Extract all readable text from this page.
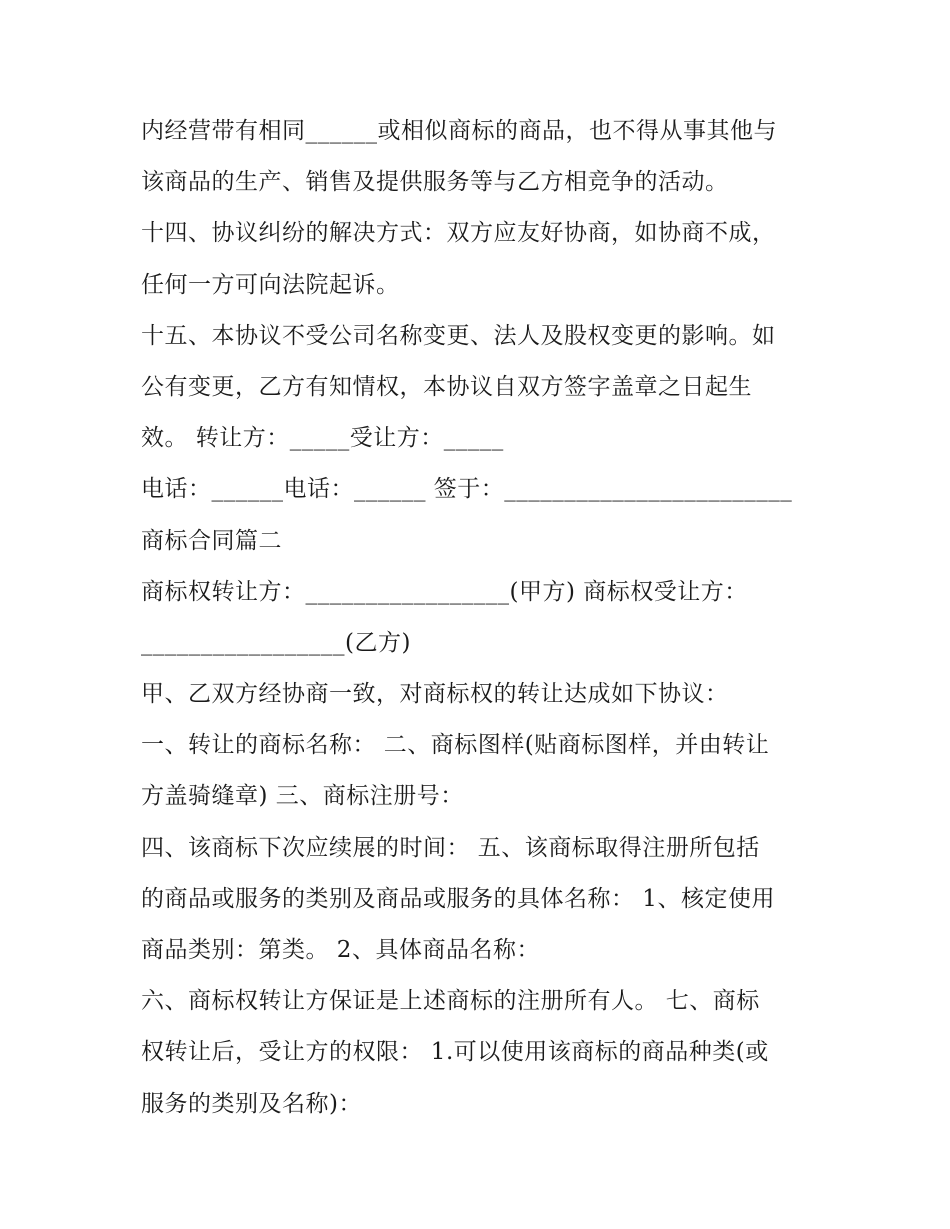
内经营带有相同______或相似商标的商品，也不得从事其他与
该商品的生产、销售及提供服务等与乙方相竞争的活动。
十四、协议纠纷的解决方式：双方应友好协商，如协商不成，
任何一方可向法院起诉。
十五、本协议不受公司名称变更、法人及股权变更的影响。如
公有变更，乙方有知情权，本协议自双方签字盖章之日起生
效。 转让方：_____受让方：_____
电话：______电话：______ 签于：________________________
商标合同篇二
商标权转让方：_________________(甲方) 商标权受让方：
_________________(乙方)
甲、乙双方经协商一致，对商标权的转让达成如下协议：
一、转让的商标名称： 二、商标图样(贴商标图样，并由转让
方盖骑缝章) 三、商标注册号：
四、该商标下次应续展的时间： 五、该商标取得注册所包括
的商品或服务的类别及商品或服务的具体名称： 1、核定使用
商品类别：第类。 2、具体商品名称：
六、商标权转让方保证是上述商标的注册所有人。 七、商标
权转让后，受让方的权限： 1.可以使用该商标的商品种类(或
服务的类别及名称)：
